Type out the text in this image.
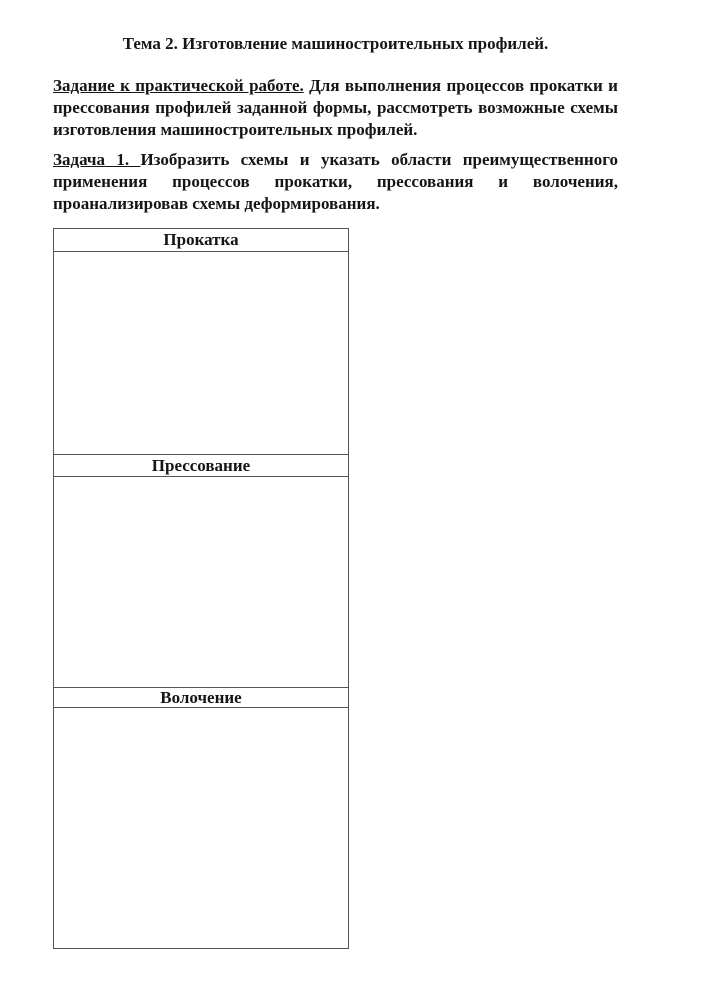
Тема 2. Изготовление машиностроительных профилей.

Задание к практической работе. Для выполнения процессов прокатки и прессования профилей заданной формы, рассмотреть возможные схемы изготовления машиностроительных профилей.

Задача 1. Изобразить схемы и указать области преимущественного применения процессов прокатки, прессования и волочения, проанализировав схемы деформирования.

Прокатка
Прессование
Волочение
